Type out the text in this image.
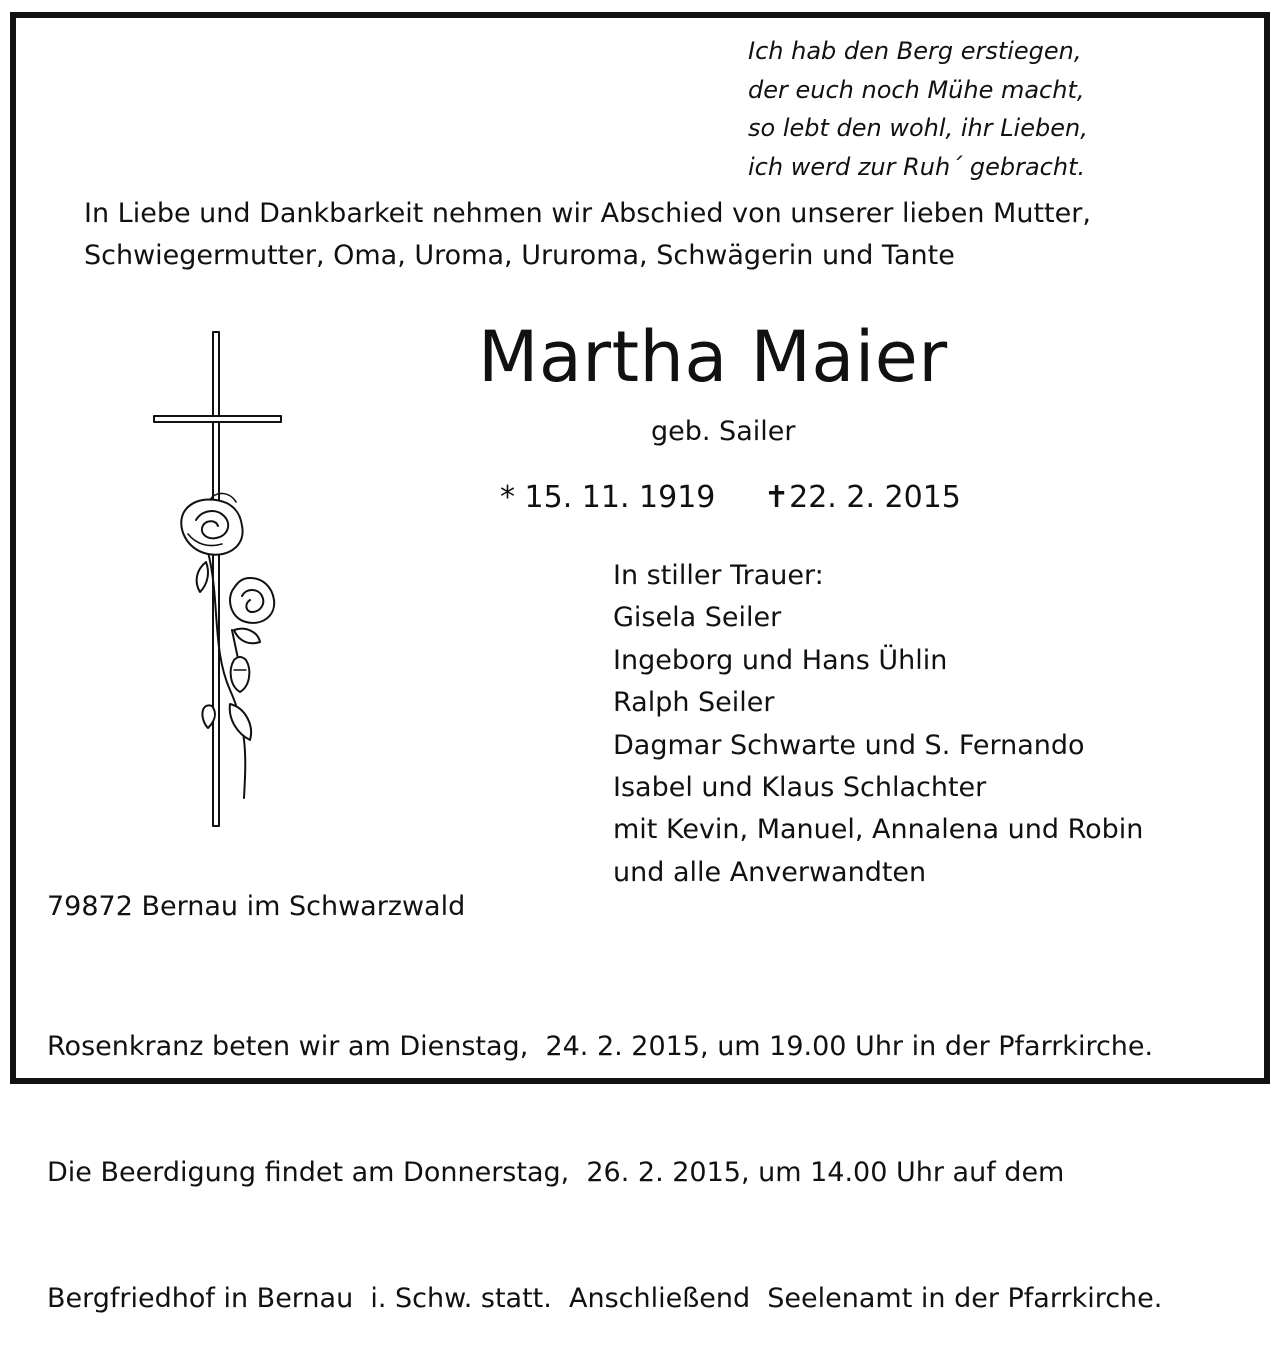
Ich hab den Berg erstiegen,
der euch noch Mühe macht,
so lebt den wohl, ihr Lieben,
ich werd zur Ruh´ gebracht.
In Liebe und Dankbarkeit nehmen wir Abschied von unserer lieben Mutter,
Schwiegermutter, Oma, Uroma, Ururoma, Schwägerin und Tante
Martha Maier
geb. Sailer
* 15. 11. 1919 ✝22. 2. 2015
In stiller Trauer:
Gisela Seiler
Ingeborg und Hans Ühlin
Ralph Seiler
Dagmar Schwarte und S. Fernando
Isabel und Klaus Schlachter
mit Kevin, Manuel, Annalena und Robin
und alle Anverwandten
79872 Bernau im Schwarzwald

Rosenkranz beten wir am Dienstag,  24. 2. 2015, um 19.00 Uhr in der Pfarrkirche.

Die Beerdigung findet am Donnerstag,  26. 2. 2015, um 14.00 Uhr auf dem

Bergfriedhof in Bernau  i. Schw. statt.  Anschließend  Seelenamt in der Pfarrkirche.
